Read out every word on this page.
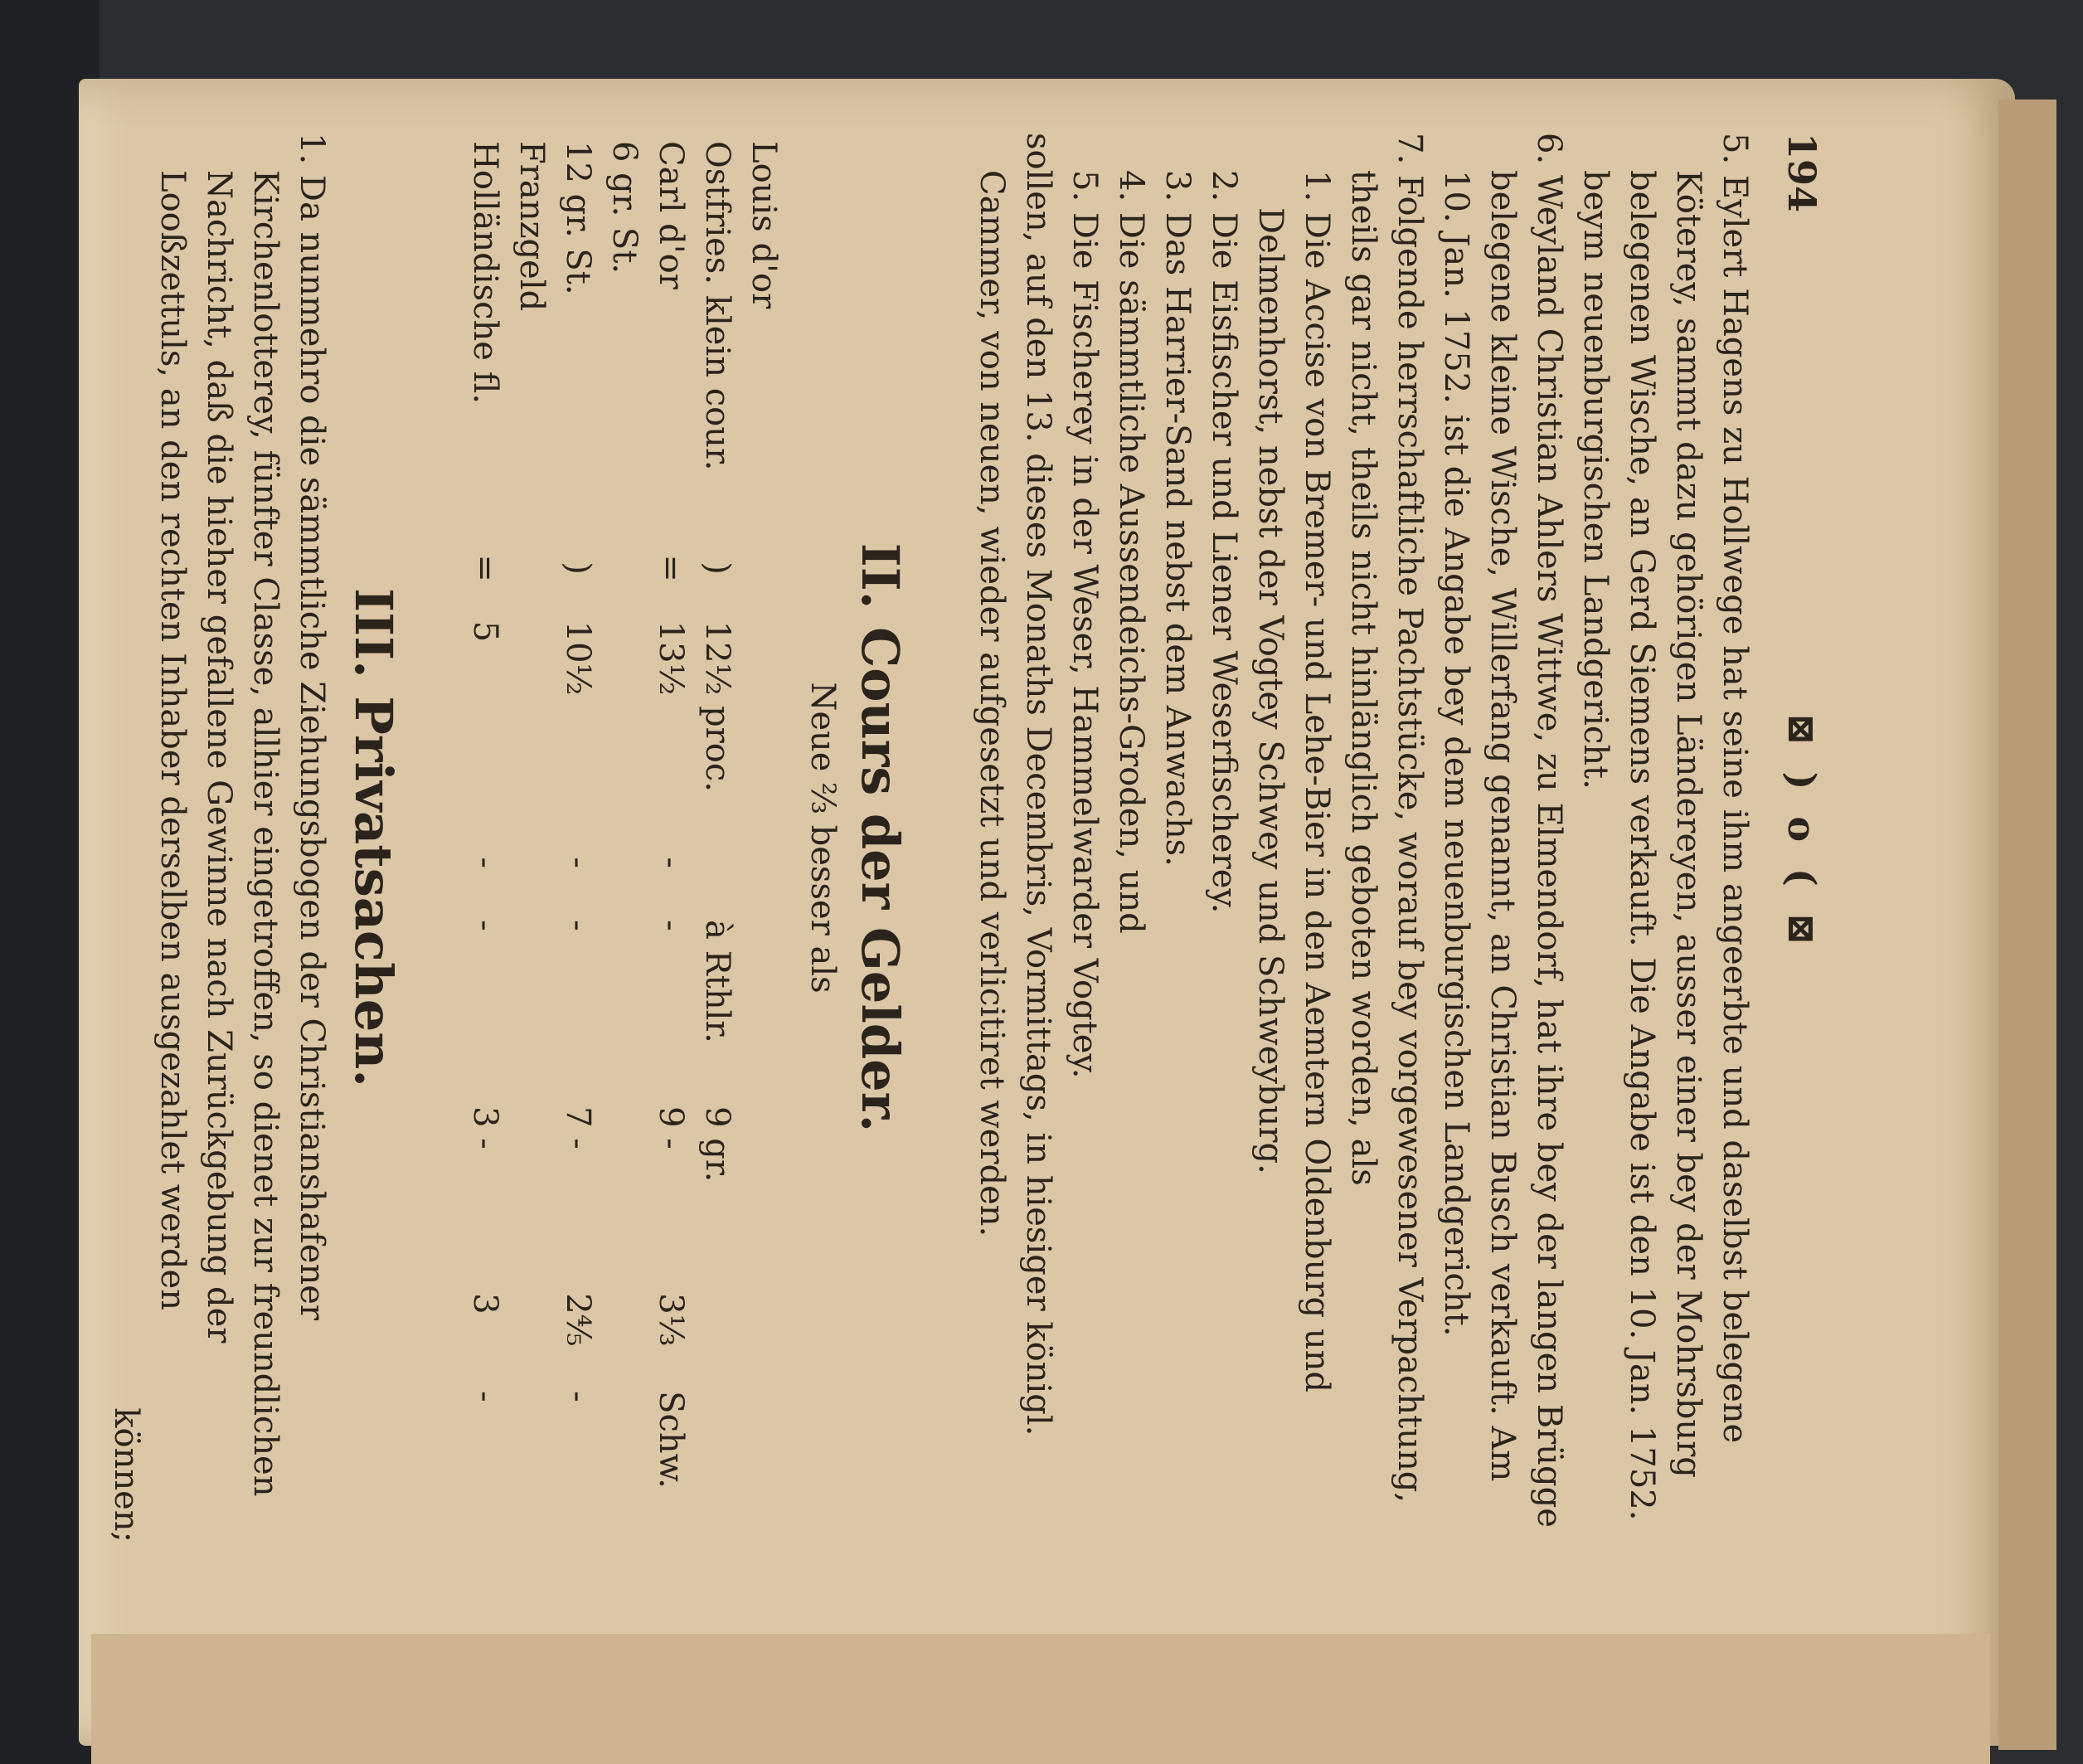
194
⊠ ) o ( ⊠

5. Eylert Hagens zu Hollwege hat seine ihm angeerbte und daselbst belegene Köterey, sammt dazu gehörigen Ländereyen, ausser einer bey der Mohrsburg belegenen Wische, an Gerd Siemens verkauft. Die Angabe ist den 10. Jan. 1752. beym neuenburgischen Landgericht.

6. Weyland Christian Ahlers Wittwe, zu Elmendorf, hat ihre bey der langen Brügge belegene kleine Wische, Willerfang genannt, an Christian Busch verkauft. Am 10. Jan. 1752. ist die Angabe bey dem neuenburgischen Landgericht.

7. Folgende herrschaftliche Pachtstücke, worauf bey vorgewesener Verpachtung, theils gar nicht, theils nicht hinlänglich geboten worden, als

1. Die Accise von Bremer- und Lehe-Bier in den Aemtern Oldenburg und Delmenhorst, nebst der Vogtey Schwey und Schweyburg.

2. Die Eisfischer und Liener Weserfischerey.

3. Das Harrier-Sand nebst dem Anwachs.

4. Die sämmtliche Aussendeichs-Groden, und

5. Die Fischerey in der Weser, Hammelwarder Vogtey.

sollen, auf den 13. dieses Monaths Decembris, Vormittags, in hiesiger königl. Cammer, von neuen, wieder aufgesetzt und verlicitiret werden.

II. Cours der Gelder.
Neue ⅔ besser als
Louis d'or							
Ostfries. klein cour.	)	12½ proc.		à Rthlr.	9 gr.		
Carl d'or	=	13½	-	-	9 -	3⅓	Schw.
6 gr. St.							
12 gr. St.	)	10½	-	-	7 -	2⅘	-
Franzgeld							
Holländische fl.	=	5	-	-	3 -	3	-
III. Privatsachen.

1. Da nunmehro die sämmtliche Ziehungsbogen der Christianshafener Kirchenlotterey, fünfter Classe, allhier eingetroffen, so dienet zur freundlichen Nachricht, daß die hieher gefallene Gewinne nach Zurückgebung der Looßzettuls, an den rechten Inhaber derselben ausgezahlet werden

können;
